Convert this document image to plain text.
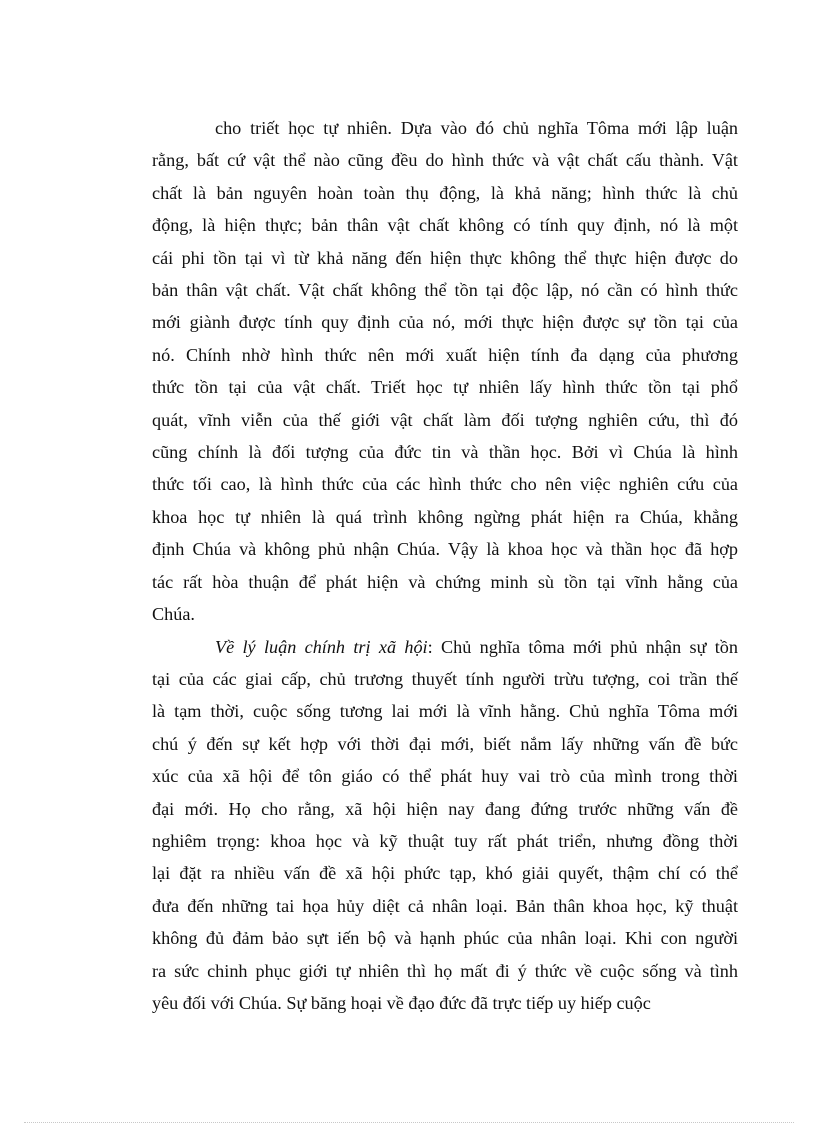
cho triết học tự nhiên. Dựa vào đó chủ nghĩa Tôma mới lập luận
rằng, bất cứ vật thể nào cũng đều do hình thức và vật chất cấu thành. Vật
chất là bản nguyên hoàn toàn thụ động, là khả năng; hình thức là chủ
động, là hiện thực; bản thân vật chất không có tính quy định, nó là một
cái phi tồn tại vì từ khả năng đến hiện thực không thể thực hiện được do
bản thân vật chất. Vật chất không thể tồn tại độc lập, nó cần có hình thức
mới giành được tính quy định của nó, mới thực hiện được sự tồn tại của
nó. Chính nhờ hình thức nên mới xuất hiện tính đa dạng của phương
thức tồn tại của vật chất. Triết học tự nhiên lấy hình thức tồn tại phổ
quát, vĩnh viễn của thế giới vật chất làm đối tượng nghiên cứu, thì đó
cũng chính là đối tượng của đức tin và thần học. Bởi vì Chúa là hình
thức tối cao, là hình thức của các hình thức cho nên việc nghiên cứu của
khoa học tự nhiên là quá trình không ngừng phát hiện ra Chúa, khẳng
định Chúa và không phủ nhận Chúa. Vậy là khoa học và thần học đã hợp
tác rất hòa thuận để phát hiện và chứng minh sù tồn tại vĩnh hằng của
Chúa.
Về lý luận chính trị xã hội: Chủ nghĩa tôma mới phủ nhận sự tồn
tại của các giai cấp, chủ trương thuyết tính người trừu tượng, coi trần thế
là tạm thời, cuộc sống tương lai mới là vĩnh hằng. Chủ nghĩa Tôma mới
chú ý đến sự kết hợp với thời đại mới, biết nắm lấy những vấn đề bức
xúc của xã hội để tôn giáo có thể phát huy vai trò của mình trong thời
đại mới. Họ cho rằng, xã hội hiện nay đang đứng trước những vấn đề
nghiêm trọng: khoa học và kỹ thuật tuy rất phát triển, nhưng đồng thời
lại đặt ra nhiều vấn đề xã hội phức tạp, khó giải quyết, thậm chí có thể
đưa đến những tai họa hủy diệt cả nhân loại. Bản thân khoa học, kỹ thuật
không đủ đảm bảo sựt iến bộ và hạnh phúc của nhân loại. Khi con người
ra sức chinh phục giới tự nhiên thì họ mất đi ý thức về cuộc sống và tình
yêu đối với Chúa. Sự băng hoại về đạo đức đã trực tiếp uy hiếp cuộc
